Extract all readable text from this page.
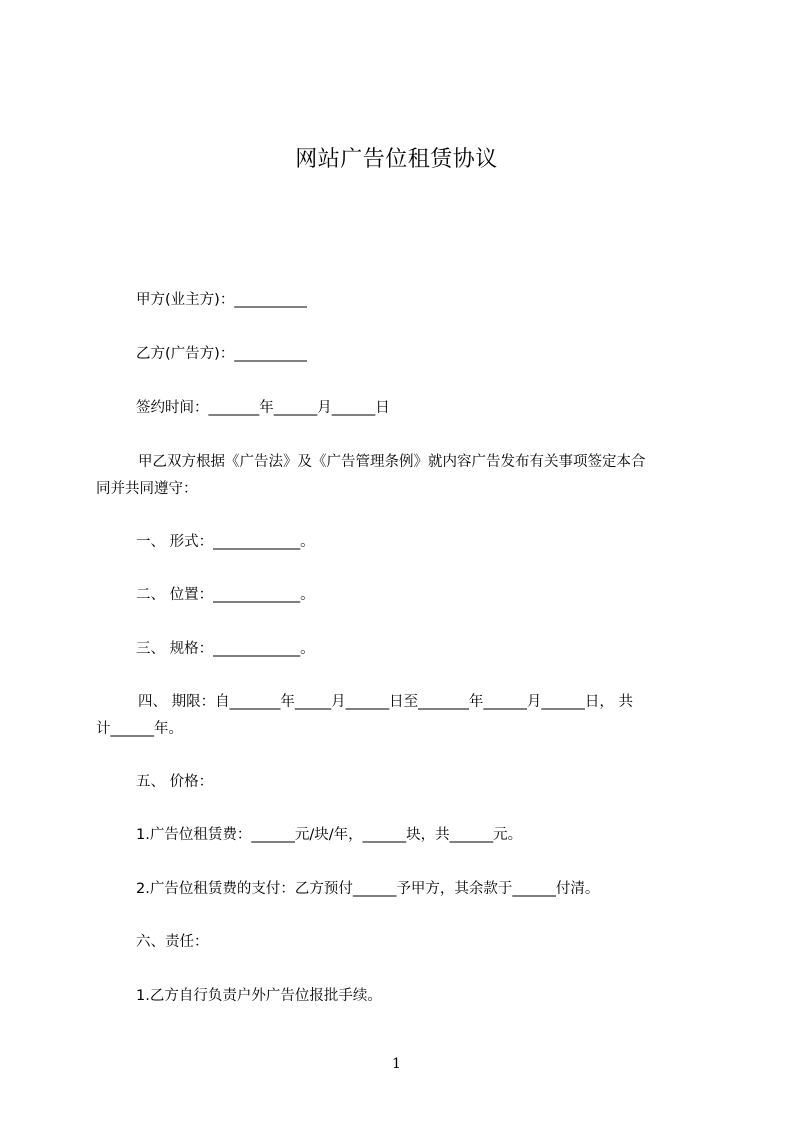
网站广告位租赁协议
甲方(业主方)：__________
乙方(广告方)：__________
签约时间：_______年______月______日
甲乙双方根据《广告法》及《广告管理条例》就内容广告发布有关事项签定本合
同并共同遵守：
一、 形式：____________。
二、 位置：____________。
三、 规格：____________。
四、 期限：自_______年_____月______日至_______年______月______日， 共
计______年。
五、 价格：
1.广告位租赁费：______元/块/年，______块，共______元。
2.广告位租赁费的支付：乙方预付______予甲方，其余款于______付清。
六、责任：
1.乙方自行负责户外广告位报批手续。
1
